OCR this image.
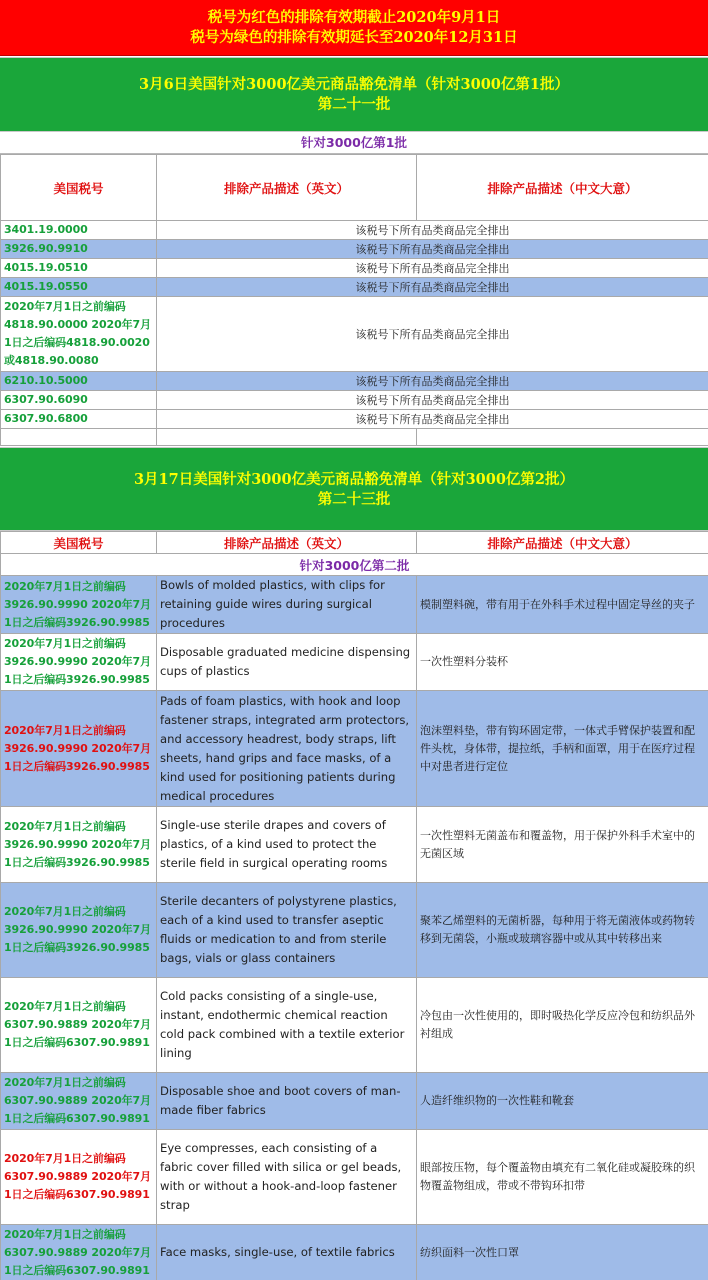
税号为红色的排除有效期截止2020年9月1日
税号为绿色的排除有效期延长至2020年12月31日
3月6日美国针对3000亿美元商品豁免清单（针对3000亿第1批）
第二十一批
针对3000亿第1批
美国税号	排除产品描述（英文）	排除产品描述（中文大意）
3401.19.0000	该税号下所有品类商品完全排出	
3926.90.9910	该税号下所有品类商品完全排出	
4015.19.0510	该税号下所有品类商品完全排出	
4015.19.0550	该税号下所有品类商品完全排出	
2020年7月1日之前编码4818.90.0000 2020年7月1日之后编码4818.90.0020或4818.90.0080	该税号下所有品类商品完全排出	
6210.10.5000	该税号下所有品类商品完全排出	
6307.90.6090	该税号下所有品类商品完全排出	
6307.90.6800	该税号下所有品类商品完全排出	

3月17日美国针对3000亿美元商品豁免清单（针对3000亿第2批）
第二十三批
美国税号	排除产品描述（英文）	排除产品描述（中文大意）
针对3000亿第二批		
2020年7月1日之前编码3926.90.9990 2020年7月1日之后编码3926.90.9985	Bowls of molded plastics, with clips for retaining guide wires during surgical procedures	模制塑料碗，带有用于在外科手术过程中固定导丝的夹子
2020年7月1日之前编码3926.90.9990 2020年7月1日之后编码3926.90.9985	Disposable graduated medicine dispensing cups of plastics	一次性塑料分装杯
2020年7月1日之前编码3926.90.9990 2020年7月1日之后编码3926.90.9985	Pads of foam plastics, with hook and loop fastener straps, integrated arm protectors, and accessory headrest, body straps, lift sheets, hand grips and face masks, of a kind used for positioning patients during medical procedures	泡沫塑料垫，带有钩环固定带，一体式手臂保护装置和配件头枕，身体带，提拉纸，手柄和面罩，用于在医疗过程中对患者进行定位
2020年7月1日之前编码3926.90.9990 2020年7月1日之后编码3926.90.9985	Single-use sterile drapes and covers of plastics, of a kind used to protect the sterile field in surgical operating rooms	一次性塑料无菌盖布和覆盖物，用于保护外科手术室中的无菌区域
2020年7月1日之前编码3926.90.9990 2020年7月1日之后编码3926.90.9985	Sterile decanters of polystyrene plastics, each of a kind used to transfer aseptic fluids or medication to and from sterile bags, vials or glass containers	聚苯乙烯塑料的无菌析器，每种用于将无菌液体或药物转移到无菌袋，小瓶或玻璃容器中或从其中转移出来
2020年7月1日之前编码6307.90.9889 2020年7月1日之后编码6307.90.9891	Cold packs consisting of a single-use, instant, endothermic chemical reaction cold pack combined with a textile exterior lining	冷包由一次性使用的，即时吸热化学反应冷包和纺织品外衬组成
2020年7月1日之前编码6307.90.9889 2020年7月1日之后编码6307.90.9891	Disposable shoe and boot covers of man-made fiber fabrics	人造纤维织物的一次性鞋和靴套
2020年7月1日之前编码6307.90.9889 2020年7月1日之后编码6307.90.9891	Eye compresses, each consisting of a fabric cover filled with silica or gel beads, with or without a hook-and-loop fastener strap	眼部按压物，每个覆盖物由填充有二氧化硅或凝胶珠的织物覆盖物组成，带或不带钩环扣带
2020年7月1日之前编码6307.90.9889 2020年7月1日之后编码6307.90.9891	Face masks, single-use, of textile fabrics	纺织面料一次性口罩
